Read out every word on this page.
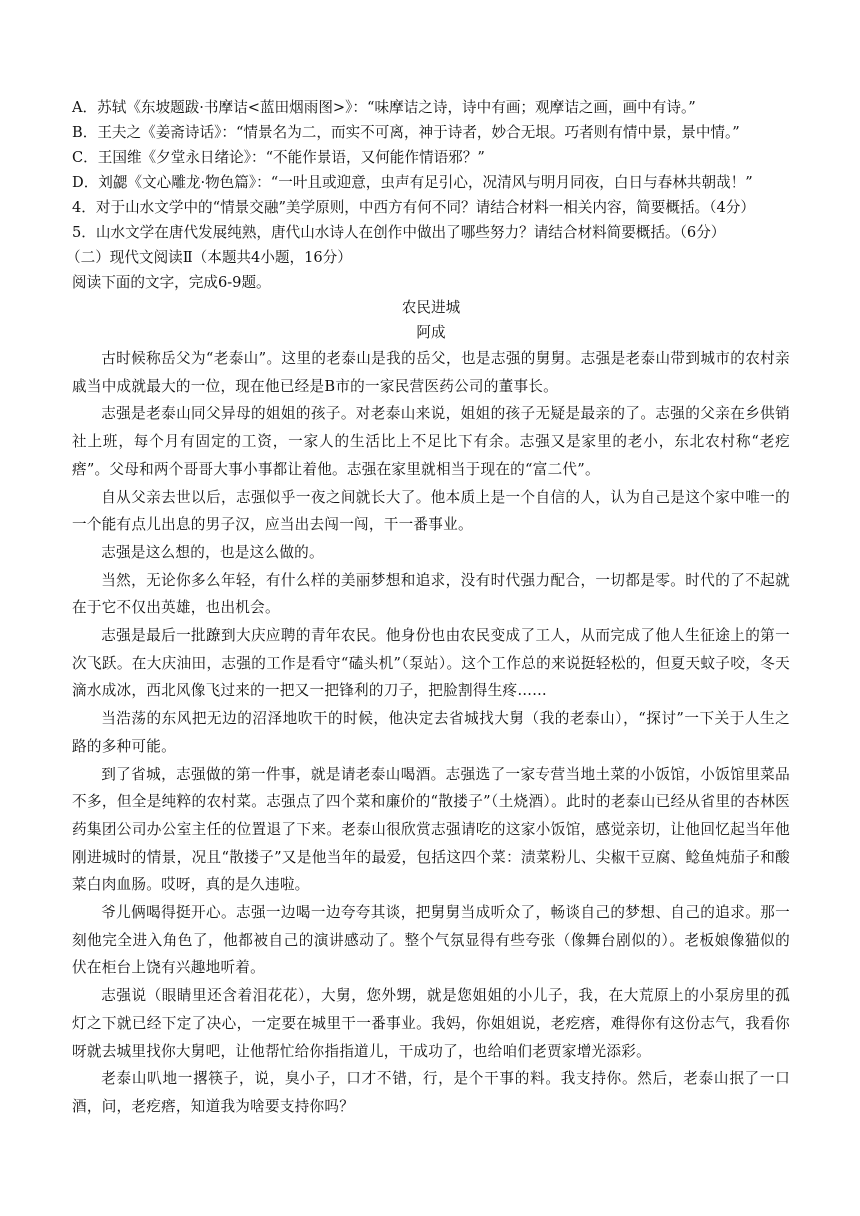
A．苏轼《东坡题跋·书摩诘<蓝田烟雨图>》：“味摩诘之诗，诗中有画；观摩诘之画，画中有诗。”

B．王夫之《姜斋诗话》：“情景名为二，而实不可离，神于诗者，妙合无垠。巧者则有情中景，景中情。”

C．王国维《夕堂永日绪论》：“不能作景语，又何能作情语邪？”

D．刘勰《文心雕龙·物色篇》：“一叶且或迎意，虫声有足引心，况清风与明月同夜，白日与春林共朝哉！”

4．对于山水文学中的“情景交融”美学原则，中西方有何不同？请结合材料一相关内容，简要概括。（4分）

5．山水文学在唐代发展纯熟，唐代山水诗人在创作中做出了哪些努力？请结合材料简要概括。（6分）

（二）现代文阅读Ⅱ（本题共4小题，16分）

阅读下面的文字，完成6-9题。

农民进城

阿成

古时候称岳父为“老泰山”。这里的老泰山是我的岳父，也是志强的舅舅。志强是老泰山带到城市的农村亲戚当中成就最大的一位，现在他已经是B市的一家民营医药公司的董事长。

志强是老泰山同父异母的姐姐的孩子。对老泰山来说，姐姐的孩子无疑是最亲的了。志强的父亲在乡供销社上班，每个月有固定的工资，一家人的生活比上不足比下有余。志强又是家里的老小，东北农村称“老疙瘩”。父母和两个哥哥大事小事都让着他。志强在家里就相当于现在的“富二代”。

自从父亲去世以后，志强似乎一夜之间就长大了。他本质上是一个自信的人，认为自己是这个家中唯一的一个能有点儿出息的男子汉，应当出去闯一闯，干一番事业。

志强是这么想的，也是这么做的。

当然，无论你多么年轻，有什么样的美丽梦想和追求，没有时代强力配合，一切都是零。时代的了不起就在于它不仅出英雄，也出机会。

志强是最后一批蹽到大庆应聘的青年农民。他身份也由农民变成了工人，从而完成了他人生征途上的第一次飞跃。在大庆油田，志强的工作是看守“磕头机”（泵站）。这个工作总的来说挺轻松的，但夏天蚊子咬，冬天滴水成冰，西北风像飞过来的一把又一把锋利的刀子，把脸割得生疼……

当浩荡的东风把无边的沼泽地吹干的时候，他决定去省城找大舅（我的老泰山），“探讨”一下关于人生之路的多种可能。

到了省城，志强做的第一件事，就是请老泰山喝酒。志强选了一家专营当地土菜的小饭馆，小饭馆里菜品不多，但全是纯粹的农村菜。志强点了四个菜和廉价的“散搂子”（土烧酒）。此时的老泰山已经从省里的杏林医药集团公司办公室主任的位置退了下来。老泰山很欣赏志强请吃的这家小饭馆，感觉亲切，让他回忆起当年他刚进城时的情景，况且“散搂子”又是他当年的最爱，包括这四个菜：渍菜粉儿、尖椒干豆腐、鲶鱼炖茄子和酸菜白肉血肠。哎呀，真的是久违啦。

爷儿俩喝得挺开心。志强一边喝一边夸夸其谈，把舅舅当成听众了，畅谈自己的梦想、自己的追求。那一刻他完全进入角色了，他都被自己的演讲感动了。整个气氛显得有些夸张（像舞台剧似的）。老板娘像猫似的伏在柜台上饶有兴趣地听着。

志强说（眼睛里还含着泪花花），大舅，您外甥，就是您姐姐的小儿子，我，在大荒原上的小泵房里的孤灯之下就已经下定了决心，一定要在城里干一番事业。我妈，你姐姐说，老疙瘩，难得你有这份志气，我看你呀就去城里找你大舅吧，让他帮忙给你指指道儿，干成功了，也给咱们老贾家增光添彩。

老泰山叭地一撂筷子，说，臭小子，口才不错，行，是个干事的料。我支持你。然后，老泰山抿了一口酒，问，老疙瘩，知道我为啥要支持你吗？
